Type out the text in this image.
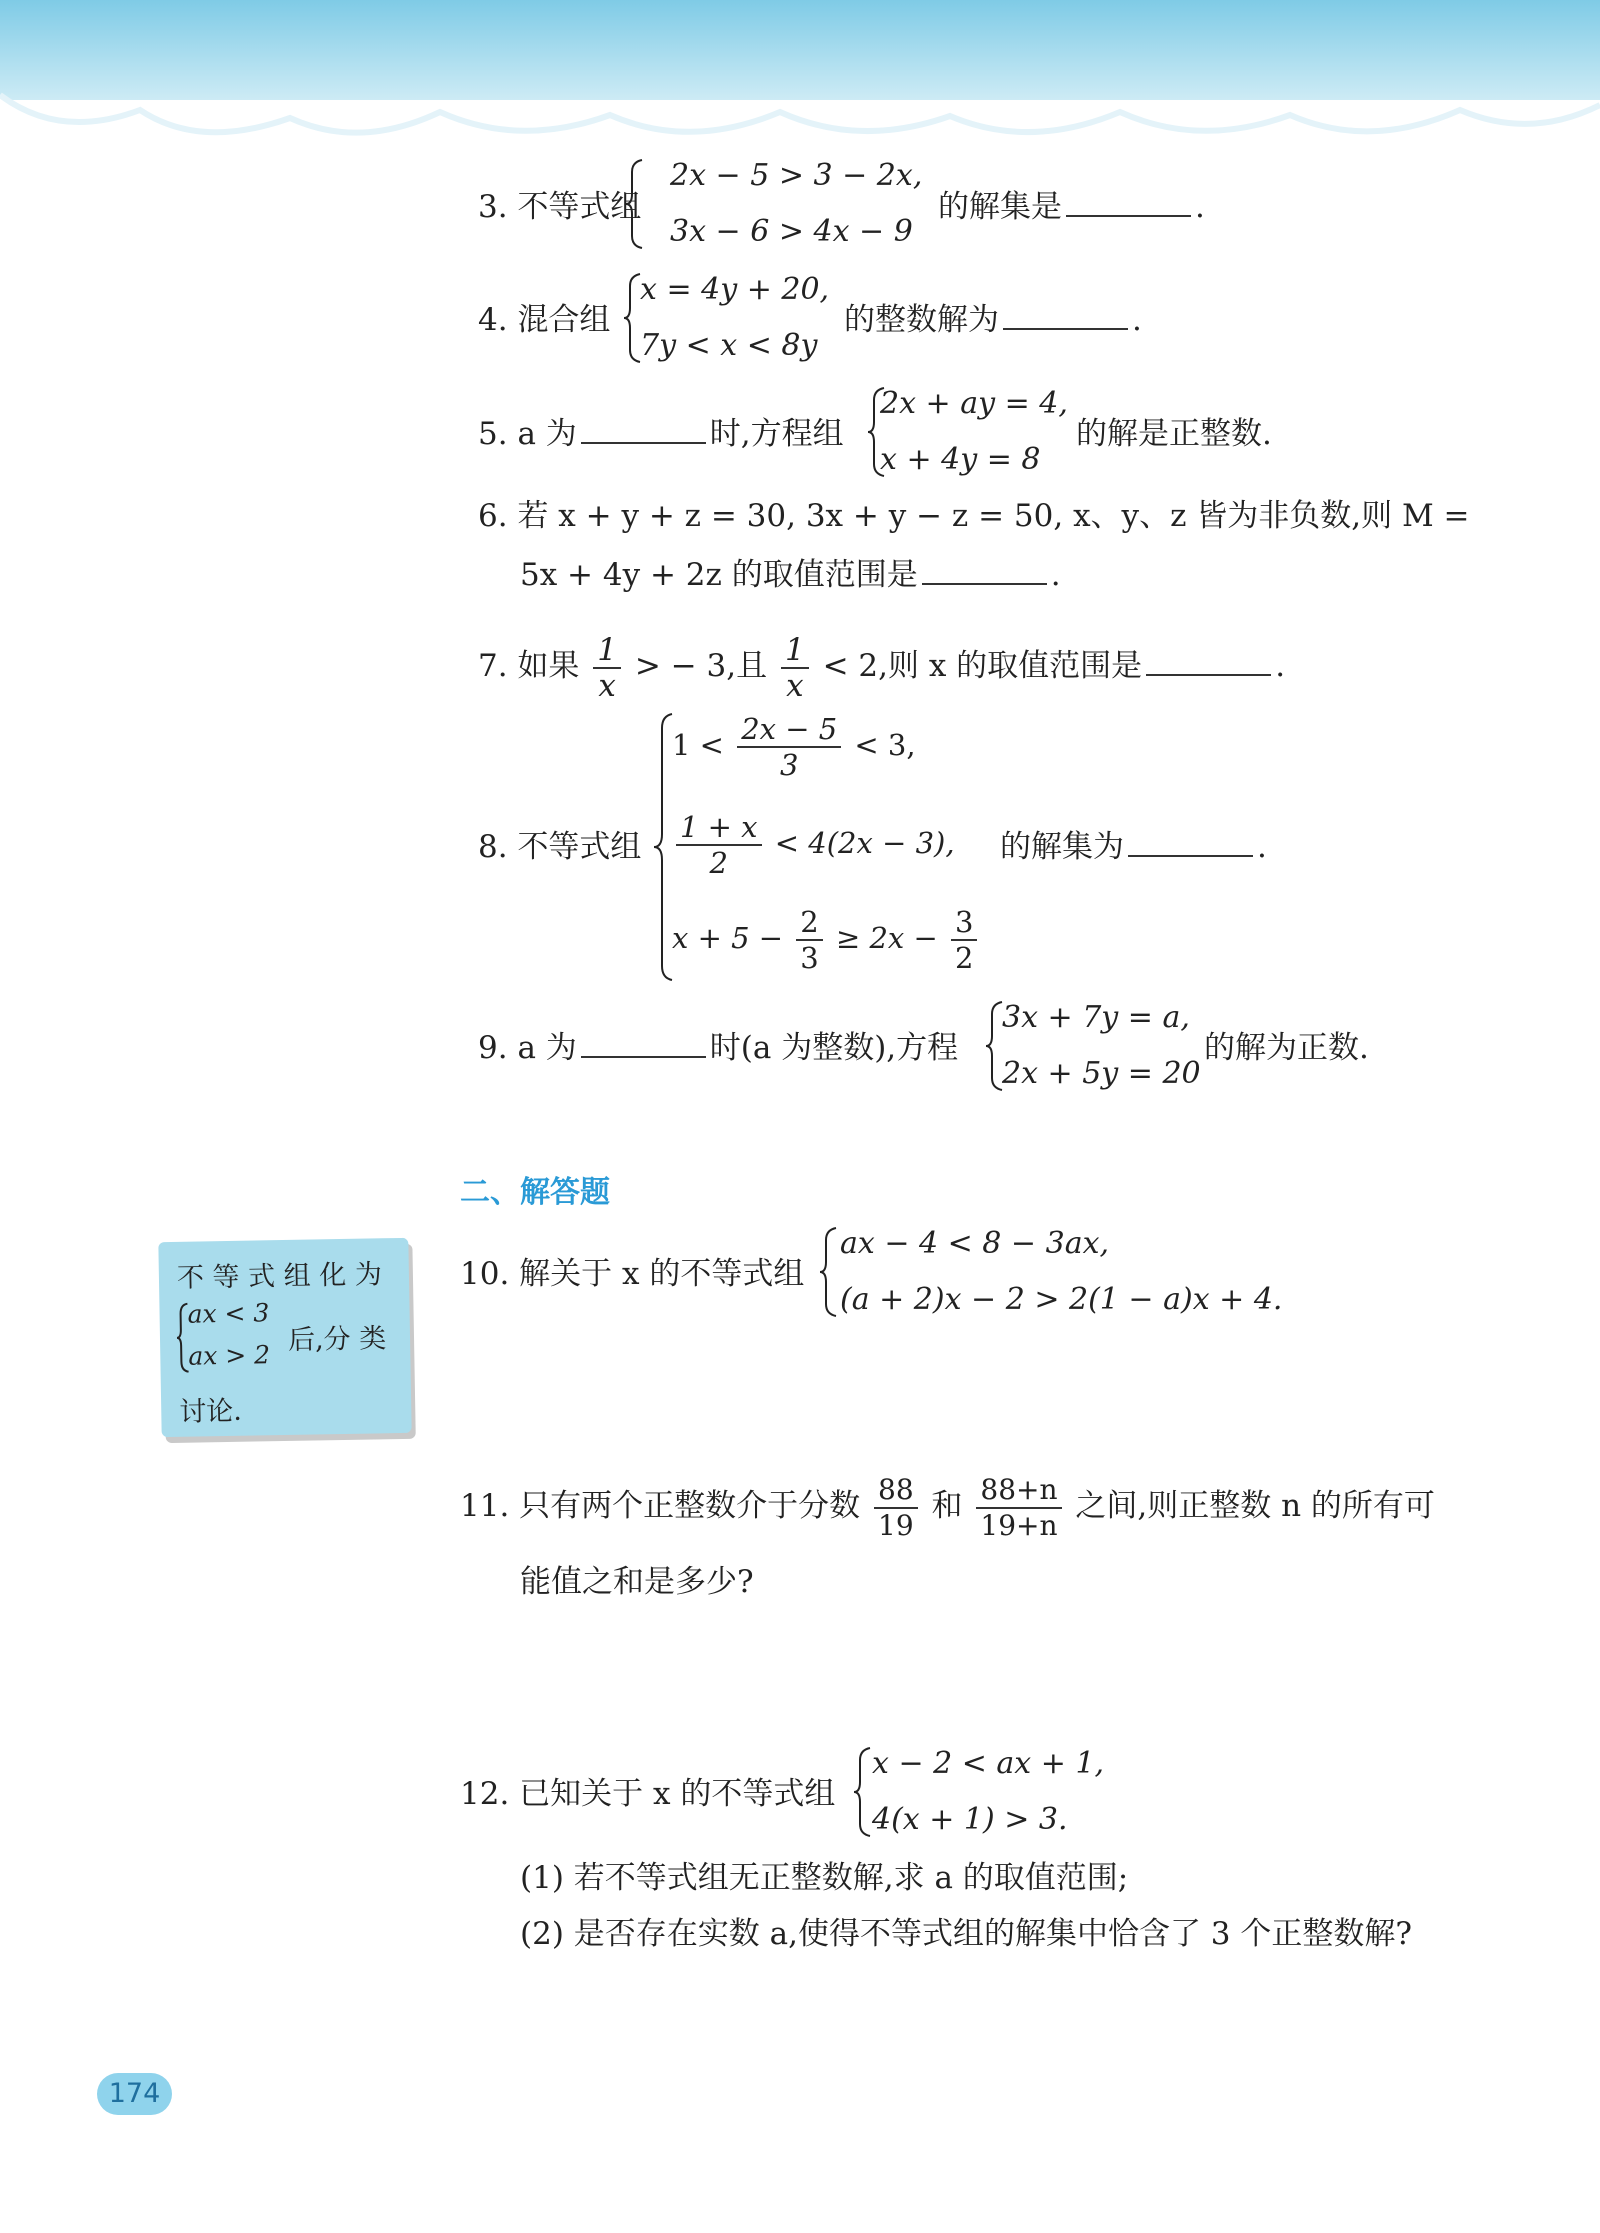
3. 不等式组
2x − 5 > 3 − 2x,
3x − 6 > 4x − 9
的解集是	.
4. 混合组
x = 4y + 20,
7y < x < 8y
的整数解为	.
5. a 为	时,方程组
2x + ay = 4,
x + 4y = 8
的解是正整数.
6. 若 x + y + z = 30, 3x + y − z = 50, x、y、z 皆为非负数,则 M =
5x + 4y + 2z 的取值范围是	.
7. 如果 $\frac{1}{x}$ > − 3,且 $\frac{1}{x} < 2$,则 x 的取值范围是	.
8. 不等式组
$1 < \frac{2x - 5}{3} < 3$,
$\frac{1 + x}{2} < 4(2x - 3)$,
$x + 5 - \frac{2}{3} \ge 2x - \frac{3}{2}$
的解集为	.
9. a 为	时(a 为整数),方程
3x + 7y = a,
2x + 5y = 20
的解为正数.
二、解答题
不 等 式 组 化 为
ax < 3
ax > 2 后,分 类
讨论.
10. 解关于 x 的不等式组
ax − 4 < 8 − 3ax,
(a + 2)x − 2 > 2(1 − a)x + 4.
11. 只有两个正整数介于分数 $\frac{88}{19}$ 和 $\frac{88+n}{19+n}$ 之间,则正整数 n 的所有可
能值之和是多少?
12. 已知关于 x 的不等式组
x − 2 < ax + 1,
4(x + 1) > 3.
(1) 若不等式组无正整数解,求 a 的取值范围;
(2) 是否存在实数 a,使得不等式组的解集中恰含了 3 个正整数解?
174
